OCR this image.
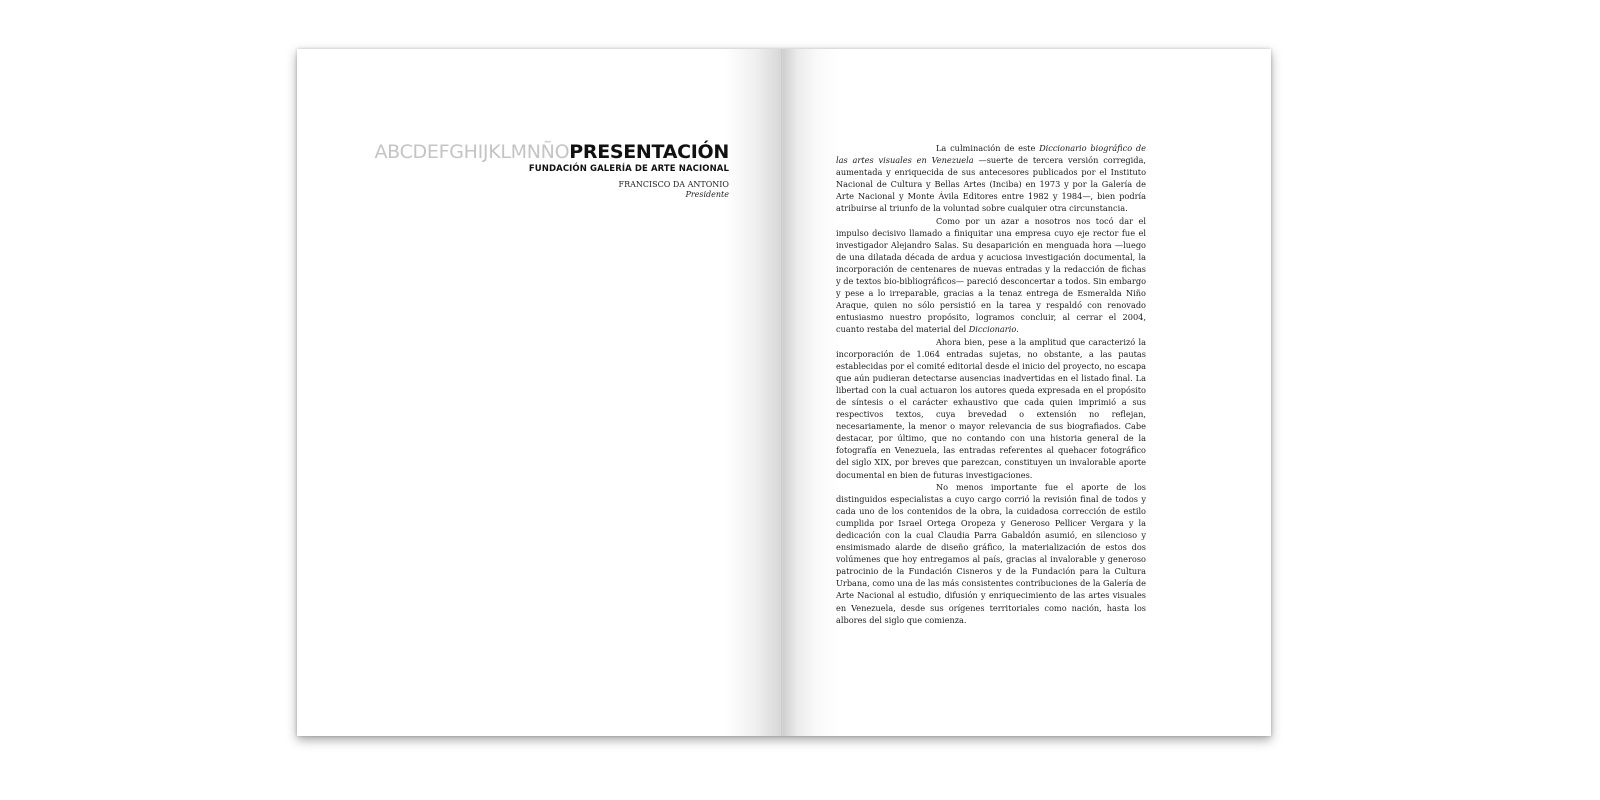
ABCDEFGHIJKLMNÑOPRESENTACIÓN
FUNDACIÓN GALERÍA DE ARTE NACIONAL
FRANCISCO DA ANTONIO
Presidente

La culminación de este Diccionario biográfico de las artes visuales en Venezuela —suerte de tercera versión corregida, aumentada y enriquecida de sus antecesores publicados por el Instituto Nacional de Cultura y Bellas Artes (Inciba) en 1973 y por la Galería de Arte Nacional y Monte Ávila Editores entre 1982 y 1984—, bien podría atribuirse al triunfo de la voluntad sobre cualquier otra circunstancia.

Como por un azar a nosotros nos tocó dar el impulso decisivo llamado a finiquitar una empresa cuyo eje rector fue el investigador Alejandro Salas. Su desaparición en menguada hora —luego de una dilatada década de ardua y acuciosa investigación documental, la incorporación de centenares de nuevas entradas y la redacción de fichas y de textos bio-bibliográficos— pareció desconcertar a todos. Sin embargo y pese a lo irreparable, gracias a la tenaz entrega de Esmeralda Niño Araque, quien no sólo persistió en la tarea y respaldó con renovado entusiasmo nuestro propósito, logramos concluir, al cerrar el 2004, cuanto restaba del material del Diccionario.

Ahora bien, pese a la amplitud que caracterizó la incorporación de 1.064 entradas sujetas, no obstante, a las pautas establecidas por el comité editorial desde el inicio del proyecto, no escapa que aún pudieran detectarse ausencias inadvertidas en el listado final. La libertad con la cual actuaron los autores queda expresada en el propósito de síntesis o el carácter exhaustivo que cada quien imprimió a sus respectivos textos, cuya brevedad o extensión no reflejan, necesariamente, la menor o mayor relevancia de sus biografiados. Cabe destacar, por último, que no contando con una historia general de la fotografía en Venezuela, las entradas referentes al quehacer fotográfico del siglo XIX, por breves que parezcan, constituyen un invalorable aporte documental en bien de futuras investigaciones.

No menos importante fue el aporte de los distinguidos especialistas a cuyo cargo corrió la revisión final de todos y cada uno de los contenidos de la obra, la cuidadosa corrección de estilo cumplida por Israel Ortega Oropeza y Generoso Pellicer Vergara y la dedicación con la cual Claudia Parra Gabaldón asumió, en silencioso y ensimismado alarde de diseño gráfico, la materialización de estos dos volúmenes que hoy entregamos al país, gracias al invalorable y generoso patrocinio de la Fundación Cisneros y de la Fundación para la Cultura Urbana, como una de las más consistentes contribuciones de la Galería de Arte Nacional al estudio, difusión y enriquecimiento de las artes visuales en Venezuela, desde sus orígenes territoriales como nación, hasta los albores del siglo que comienza.
